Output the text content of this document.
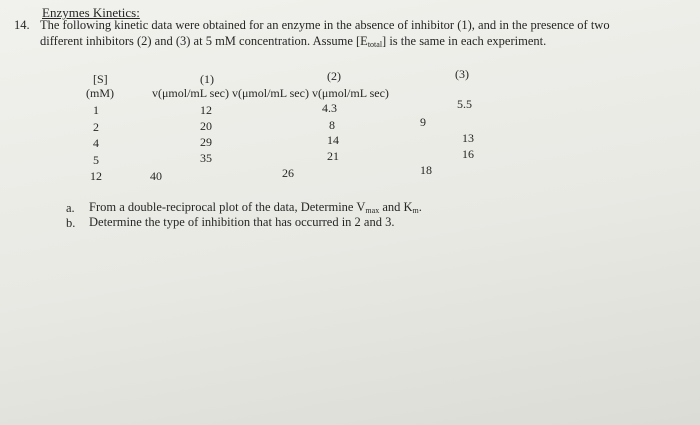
Enzymes Kinetics:
14. The following kinetic data were obtained for an enzyme in the absence of inhibitor (1), and in the presence of two
different inhibitors (2) and (3) at 5 mM concentration. Assume $[E_{total}]$ is the same in each experiment.
[S]
(mM)
(1)	(2)	(3)
v(μmol/mL sec) v(μmol/mL sec) v(μmol/mL sec)
1
2
4
5
12
12
20
29
35
40
4.3
8
14
21
26
5.5
9
13
16
18
a. From a double-reciprocal plot of the data, Determine $V_{max}$ and $K_m$.
b. Determine the type of inhibition that has occurred in 2 and 3.
